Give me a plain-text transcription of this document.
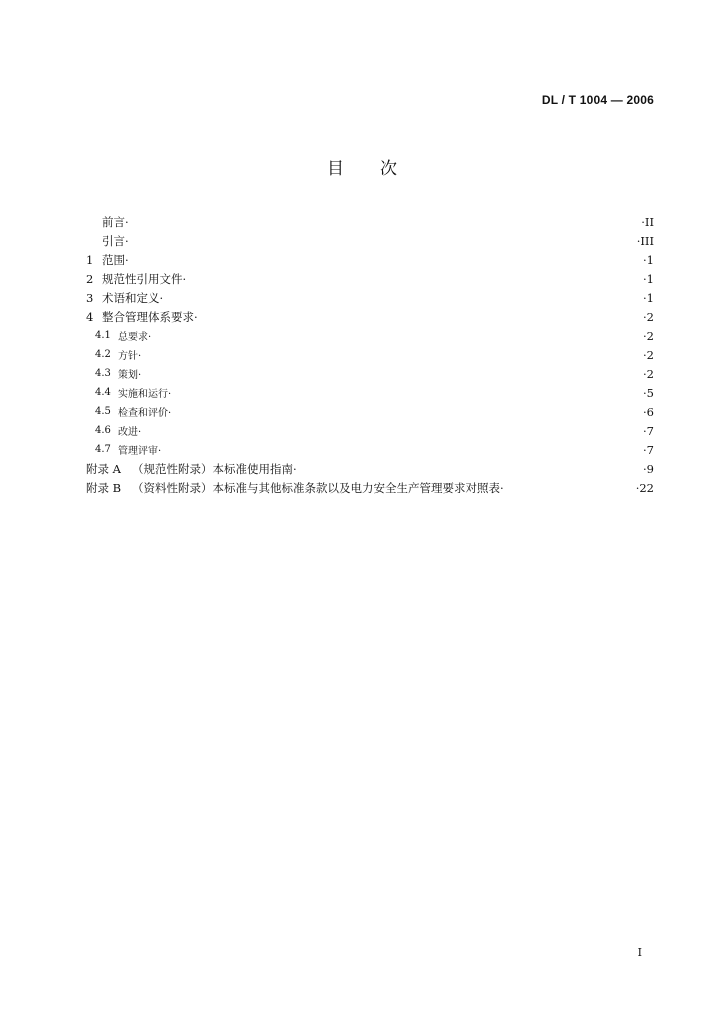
DL / T 1004 — 2006
目次
前言·	·II
引言·	·III
1 范围·	·1
2 规范性引用文件·	·1
3 术语和定义·	·1
4 整合管理体系要求·	·2
4.1 总要求·	·2
4.2 方针·	·2
4.3 策划·	·2
4.4 实施和运行·	·5
4.5 检查和评价·	·6
4.6 改进·	·7
4.7 管理评审·	·7
附录 A （规范性附录）本标准使用指南·	·9
附录 B （资料性附录）本标准与其他标准条款以及电力安全生产管理要求对照表·	·22
I
